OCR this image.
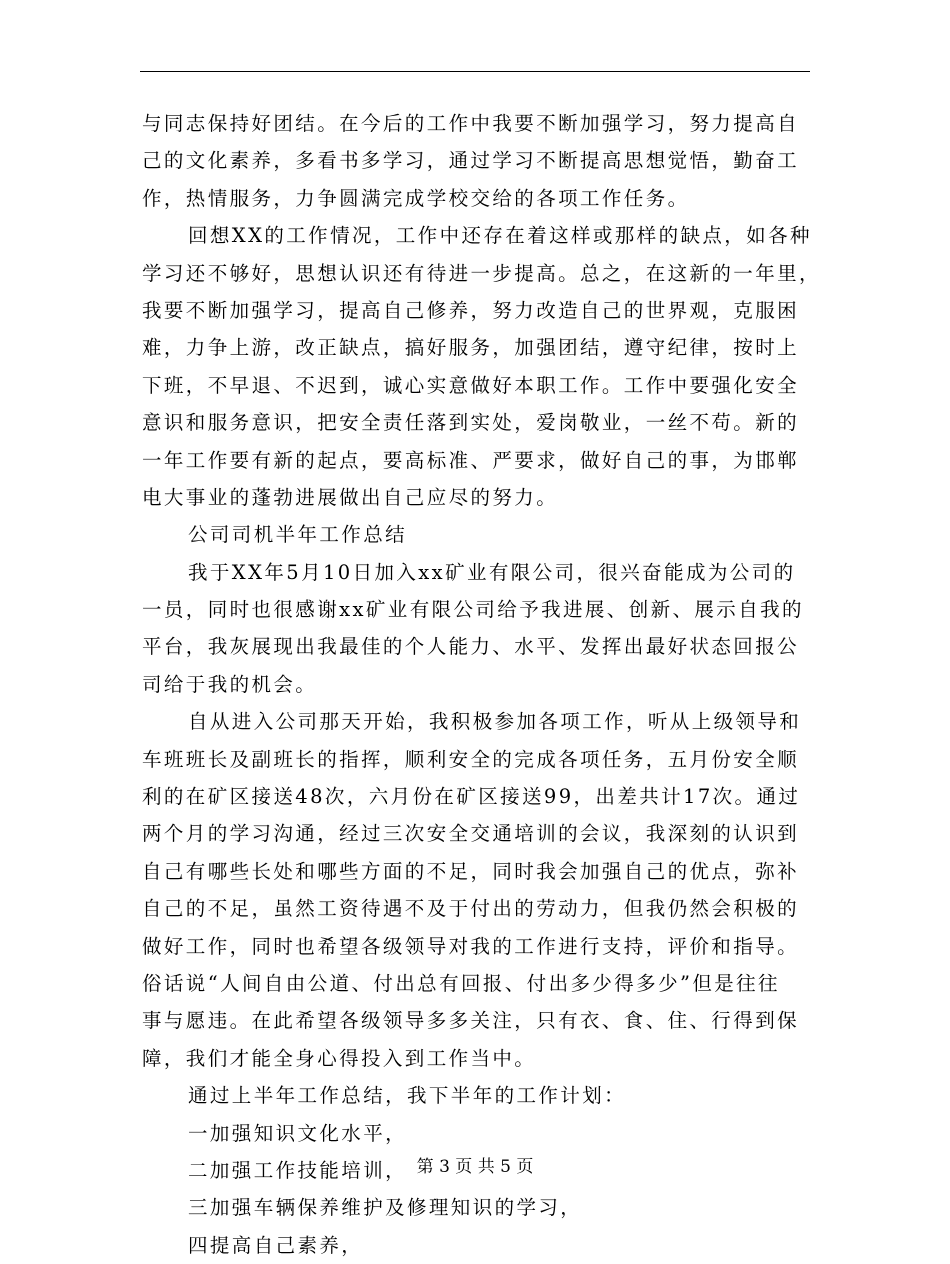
与同志保持好团结。在今后的工作中我要不断加强学习，努力提高自
己的文化素养，多看书多学习，通过学习不断提高思想觉悟，勤奋工
作，热情服务，力争圆满完成学校交给的各项工作任务。
回想XX的工作情况，工作中还存在着这样或那样的缺点，如各种
学习还不够好，思想认识还有待进一步提高。总之，在这新的一年里，
我要不断加强学习，提高自己修养，努力改造自己的世界观，克服困
难，力争上游，改正缺点，搞好服务，加强团结，遵守纪律，按时上
下班，不早退、不迟到，诚心实意做好本职工作。工作中要强化安全
意识和服务意识，把安全责任落到实处，爱岗敬业，一丝不苟。新的
一年工作要有新的起点，要高标准、严要求，做好自己的事，为邯郸
电大事业的蓬勃进展做出自己应尽的努力。
公司司机半年工作总结
我于XX年5月10日加入xx矿业有限公司，很兴奋能成为公司的
一员，同时也很感谢xx矿业有限公司给予我进展、创新、展示自我的
平台，我灰展现出我最佳的个人能力、水平、发挥出最好状态回报公
司给于我的机会。
自从进入公司那天开始，我积极参加各项工作，听从上级领导和
车班班长及副班长的指挥，顺利安全的完成各项任务，五月份安全顺
利的在矿区接送48次，六月份在矿区接送99，出差共计17次。通过
两个月的学习沟通，经过三次安全交通培训的会议，我深刻的认识到
自己有哪些长处和哪些方面的不足，同时我会加强自己的优点，弥补
自己的不足，虽然工资待遇不及于付出的劳动力，但我仍然会积极的
做好工作，同时也希望各级领导对我的工作进行支持，评价和指导。
俗话说“人间自由公道、付出总有回报、付出多少得多少”但是往往
事与愿违。在此希望各级领导多多关注，只有衣、食、住、行得到保
障，我们才能全身心得投入到工作当中。
通过上半年工作总结，我下半年的工作计划：
一加强知识文化水平，
二加强工作技能培训，
三加强车辆保养维护及修理知识的学习，
四提高自己素养，
第 3 页 共 5 页
